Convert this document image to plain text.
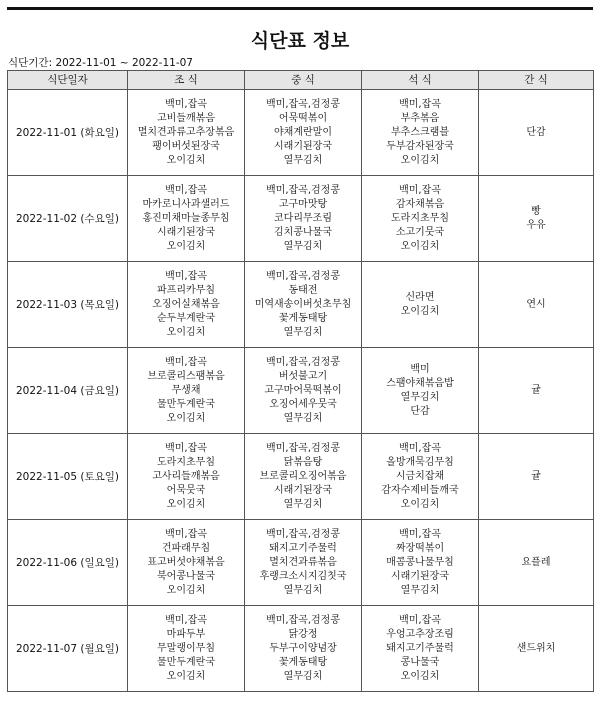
식단표 정보
식단기간: 2022-11-01 ~ 2022-11-07
식단일자	조 식	중 식	석 식	간 식
2022-11-01 (화요일)	백미,잡곡
고비들깨볶음
멸치견과류고추장볶음
팽이버섯된장국
오이김치	백미,잡곡,검정콩
어묵떡볶이
야채계란말이
시래기된장국
열무김치	백미,잡곡
부추볶음
부추스크램블
두부감자된장국
오이김치	단감
2022-11-02 (수요일)	백미,잡곡
마카로니사과샐러드
홍진미채마늘종무침
시래기된장국
오이김치	백미,잡곡,검정콩
고구마맛탕
코다리무조림
김치콩나물국
열무김치	백미,잡곡
감자채볶음
도라지초무침
소고기뭇국
오이김치	빵
우유
2022-11-03 (목요일)	백미,잡곡
파프리카무침
오징어실채볶음
순두부계란국
오이김치	백미,잡곡,검정콩
동태전
미역새송이버섯초무침
꽃게동태탕
열무김치	신라면
오이김치	연시
2022-11-04 (금요일)	백미,잡곡
브로콜리스팸볶음
무생채
물만두계란국
오이김치	백미,잡곡,검정콩
버섯불고기
고구마어묵떡볶이
오징어세우뭇국
열무김치	백미
스팸야채볶음밥
열무김치
단감	귤
2022-11-05 (토요일)	백미,잡곡
도라지초무침
고사리들깨볶음
어묵뭇국
오이김치	백미,잡곡,검정콩
닭볶음탕
브로콜리오징어볶음
시래기된장국
열무김치	백미,잡곡
올방개묵김무침
시금치잡채
감자수제비들깨국
오이김치	귤
2022-11-06 (일요일)	백미,잡곡
건파래무침
표고버섯야채볶음
북어콩나물국
오이김치	백미,잡곡,검정콩
돼지고기주물럭
멸치견과류볶음
후랭크소시지김칫국
열무김치	백미,잡곡
짜장떡볶이
매콤콩나물무침
시래기된장국
열무김치	요플레
2022-11-07 (월요일)	백미,잡곡
마파두부
무말랭이무침
물만두계란국
오이김치	백미,잡곡,검정콩
닭강정
두부구이양념장
꽃게동태탕
열무김치	백미,잡곡
우엉고추장조림
돼지고기주물럭
콩나물국
오이김치	샌드위치
